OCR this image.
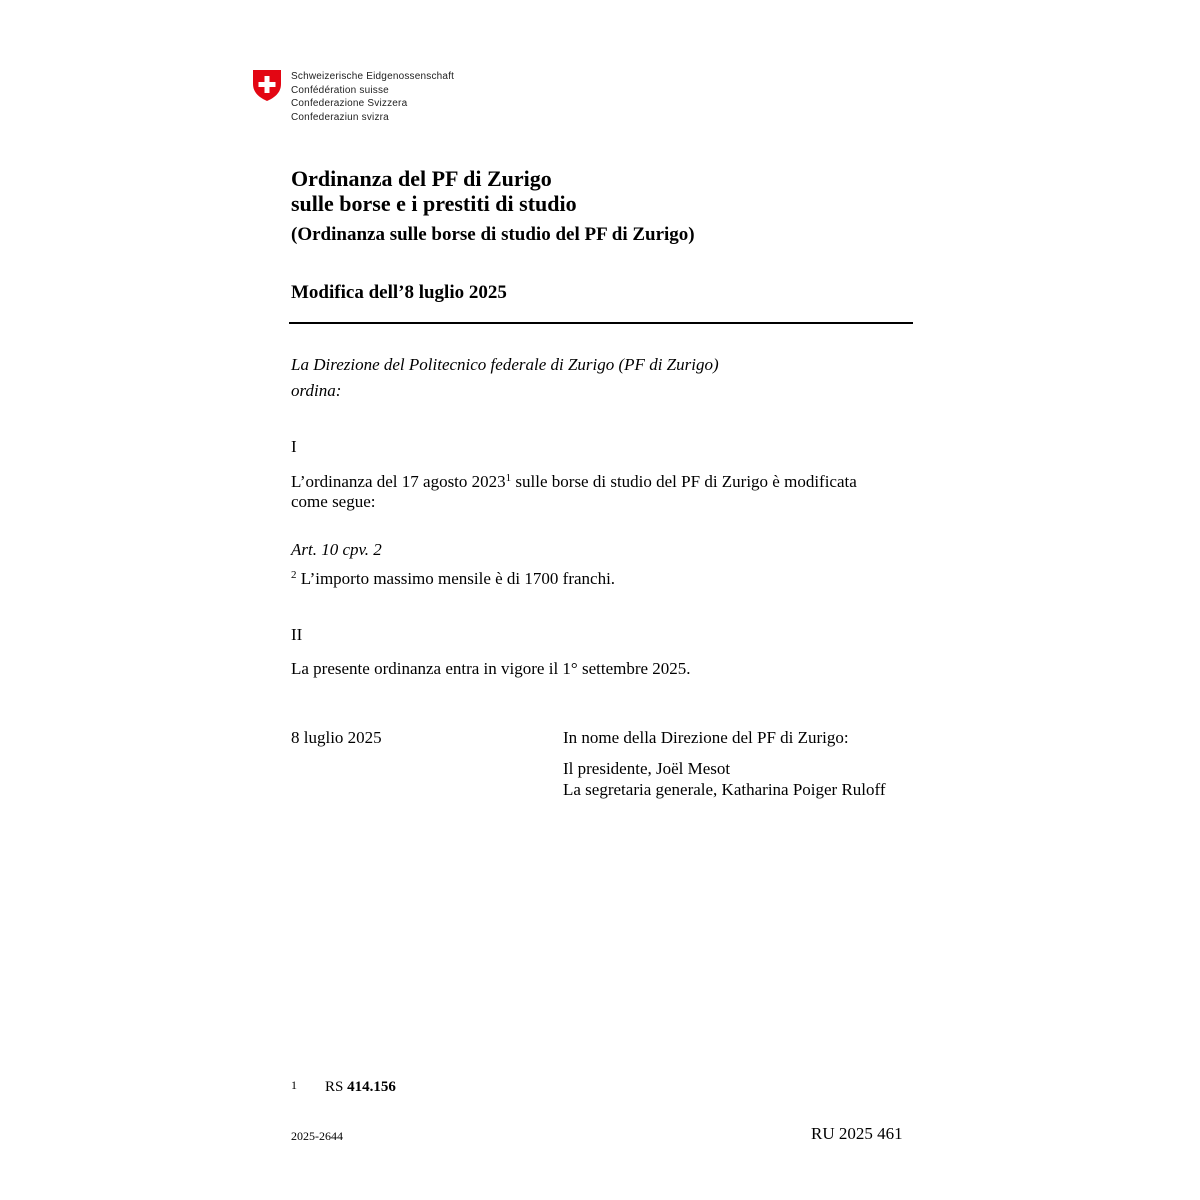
Schweizerische Eidgenossenschaft
Confédération suisse
Confederazione Svizzera
Confederaziun svizra
Ordinanza del PF di Zurigo
sulle borse e i prestiti di studio
(Ordinanza sulle borse di studio del PF di Zurigo)
Modifica dell’8 luglio 2025
La Direzione del Politecnico federale di Zurigo (PF di Zurigo)
ordina:
I
L’ordinanza del 17 agosto 2023$^1$ sulle borse di studio del PF di Zurigo è modificata
come segue:
Art. 10 cpv. 2
$^2$ L’importo massimo mensile è di 1700 franchi.
II
La presente ordinanza entra in vigore il 1° settembre 2025.
8 luglio 2025	In nome della Direzione del PF di Zurigo:
Il presidente, Joël Mesot
La segretaria generale, Katharina Poiger Ruloff
1 RS 414.156
2025-2644	RU 2025 461
